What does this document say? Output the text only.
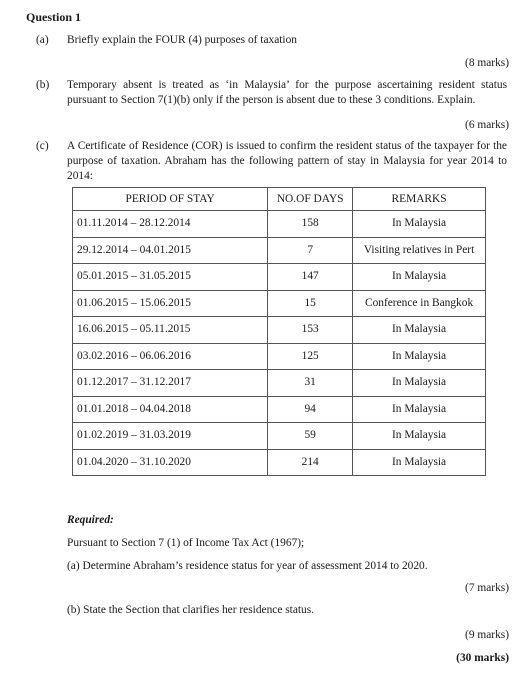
Question 1
(a) Briefly explain the FOUR (4) purposes of taxation
(8 marks)
(b) Temporary absent is treated as ‘in Malaysia’ for the purpose ascertaining resident status pursuant to Section 7(1)(b) only if the person is absent due to these 3 conditions. Explain.
(6 marks)
(c) A Certificate of Residence (COR) is issued to confirm the resident status of the taxpayer for the purpose of taxation. Abraham has the following pattern of stay in Malaysia for year 2014 to 2014:
PERIOD OF STAY	NO.OF DAYS	REMARKS
01.11.2014 – 28.12.2014	158	In Malaysia
29.12.2014 – 04.01.2015	7	Visiting relatives in Pert
05.01.2015 – 31.05.2015	147	In Malaysia
01.06.2015 – 15.06.2015	15	Conference in Bangkok
16.06.2015 – 05.11.2015	153	In Malaysia
03.02.2016 – 06.06.2016	125	In Malaysia
01.12.2017 – 31.12.2017	31	In Malaysia
01.01.2018 – 04.04.2018	94	In Malaysia
01.02.2019 – 31.03.2019	59	In Malaysia
01.04.2020 – 31.10.2020	214	In Malaysia
Required:
Pursuant to Section 7 (1) of Income Tax Act (1967);
(a) Determine Abraham’s residence status for year of assessment 2014 to 2020.
(7 marks)
(b) State the Section that clarifies her residence status.
(9 marks)
(30 marks)
